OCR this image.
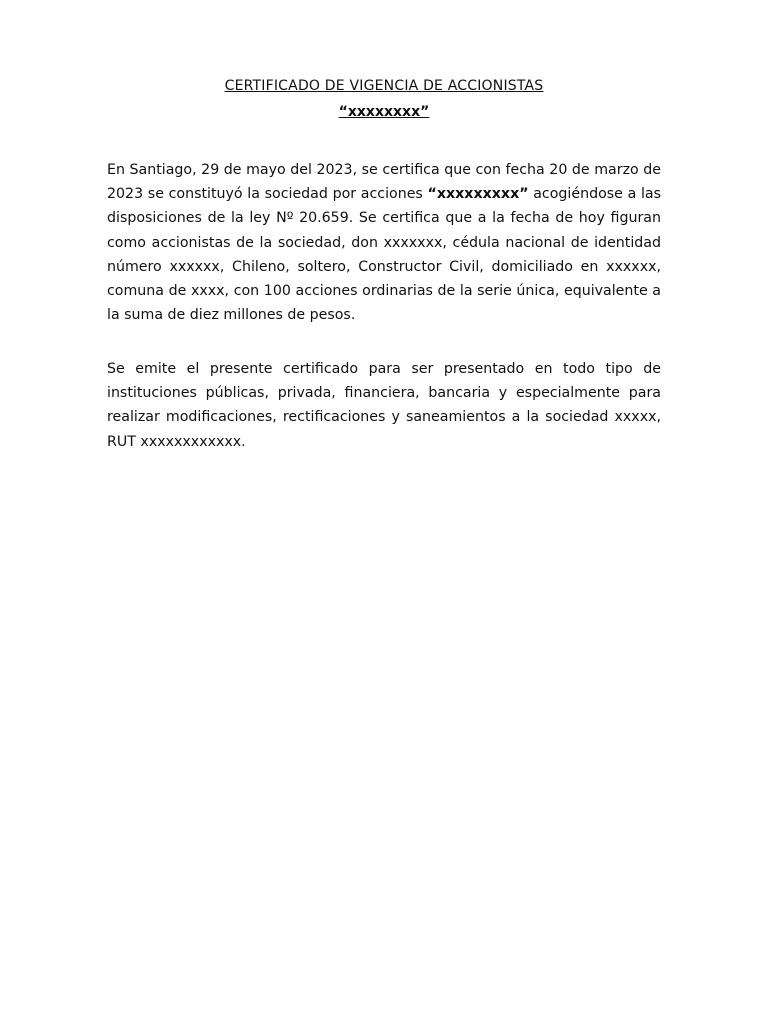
CERTIFICADO DE VIGENCIA DE ACCIONISTAS
“xxxxxxxx”

En Santiago, 29 de mayo del 2023, se certifica que con fecha 20 de marzo de 2023 se constituyó la sociedad por acciones “xxxxxxxxx” acogiéndose a las disposiciones de la ley Nº 20.659. Se certifica que a la fecha de hoy figuran como accionistas de la sociedad, don xxxxxxx, cédula nacional de identidad número xxxxxx, Chileno, soltero, Constructor Civil, domiciliado en xxxxxx, comuna de xxxx, con 100 acciones ordinarias de la serie única, equivalente a la suma de diez millones de pesos.

Se emite el presente certificado para ser presentado en todo tipo de instituciones públicas, privada, financiera, bancaria y especialmente para realizar modificaciones, rectificaciones y saneamientos a la sociedad xxxxx, RUT xxxxxxxxxxxx.
